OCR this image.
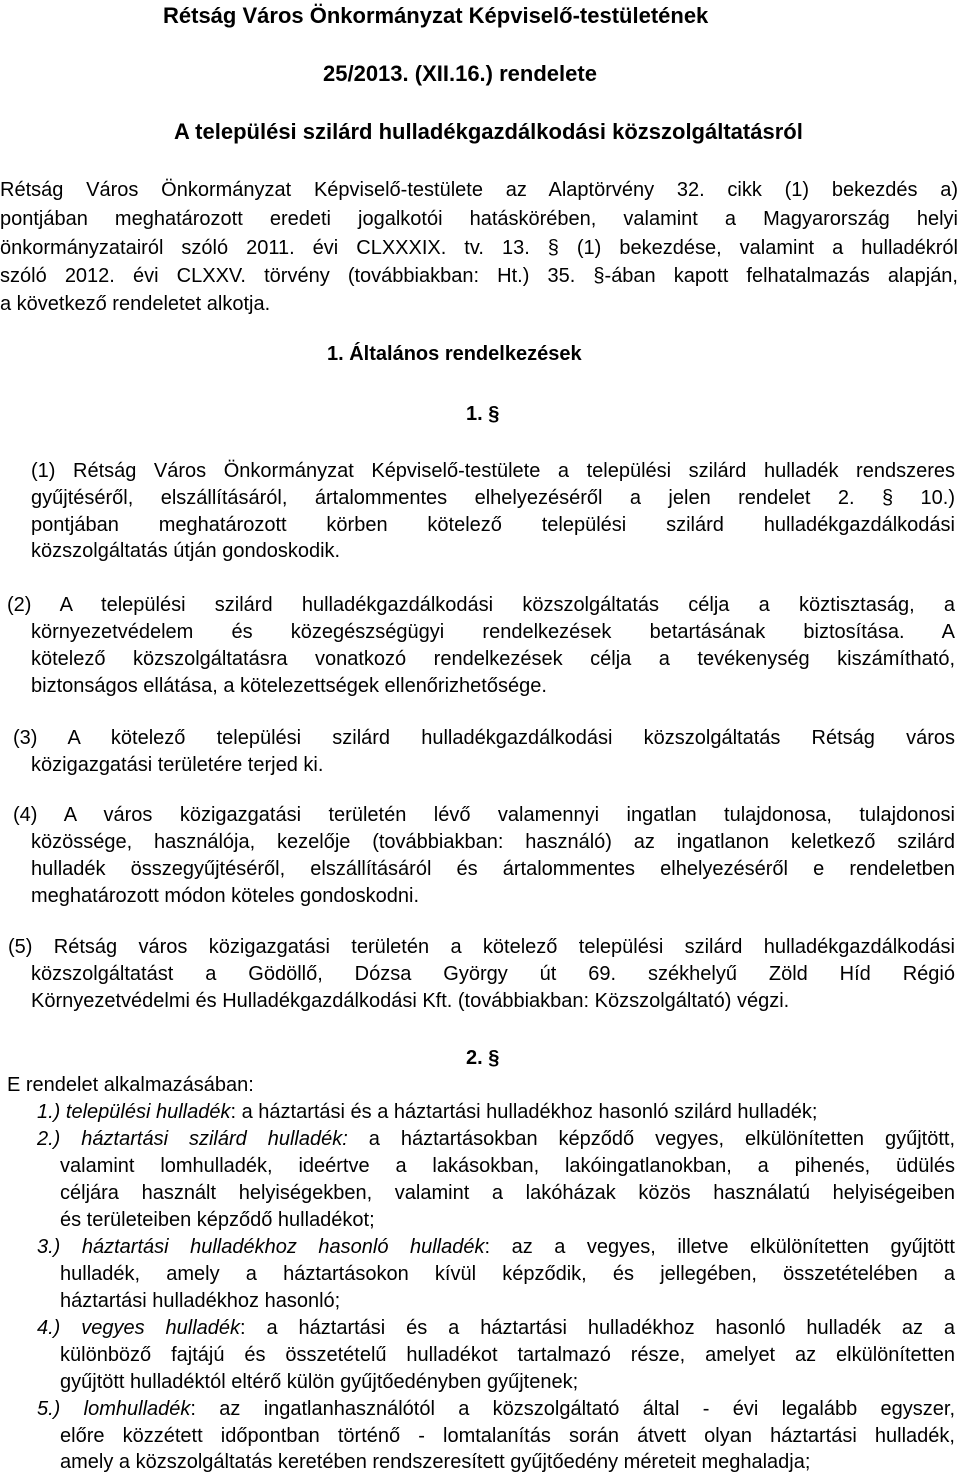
Rétság Város Önkormányzat Képviselő-testületének
25/2013. (XII.16.) rendelete
A települési szilárd hulladékgazdálkodási közszolgáltatásról
Rétság Város Önkormányzat Képviselő-testülete az Alaptörvény 32. cikk (1) bekezdés a)
pontjában meghatározott eredeti jogalkotói hatáskörében, valamint a Magyarország helyi
önkormányzatairól szóló 2011. évi CLXXXIX. tv. 13. § (1) bekezdése, valamint a hulladékról
szóló 2012. évi CLXXV. törvény (továbbiakban: Ht.) 35. §-ában kapott felhatalmazás alapján,
a következő rendeletet alkotja.
1. Általános rendelkezések
1. §
(1) Rétság Város Önkormányzat Képviselő-testülete a települési szilárd hulladék rendszeres
gyűjtéséről, elszállításáról, ártalommentes elhelyezéséről a jelen rendelet 2. § 10.)
pontjában meghatározott körben kötelező települési szilárd hulladékgazdálkodási
közszolgáltatás útján gondoskodik.
(2) A települési szilárd hulladékgazdálkodási közszolgáltatás célja a köztisztaság, a
környezetvédelem és közegészségügyi rendelkezések betartásának biztosítása. A
kötelező közszolgáltatásra vonatkozó rendelkezések célja a tevékenység kiszámítható,
biztonságos ellátása, a kötelezettségek ellenőrizhetősége.
(3) A kötelező települési szilárd hulladékgazdálkodási közszolgáltatás Rétság város
közigazgatási területére terjed ki.
(4) A város közigazgatási területén lévő valamennyi ingatlan tulajdonosa, tulajdonosi
közössége, használója, kezelője (továbbiakban: használó) az ingatlanon keletkező szilárd
hulladék összegyűjtéséről, elszállításáról és ártalommentes elhelyezéséről e rendeletben
meghatározott módon köteles gondoskodni.
(5) Rétság város közigazgatási területén a kötelező települési szilárd hulladékgazdálkodási
közszolgáltatást a Gödöllő, Dózsa György út 69. székhelyű Zöld Híd Régió
Környezetvédelmi és Hulladékgazdálkodási Kft. (továbbiakban: Közszolgáltató) végzi.
2. §
E rendelet alkalmazásában:
1.) települési hulladék: a háztartási és a háztartási hulladékhoz hasonló szilárd hulladék;
2.) háztartási szilárd hulladék: a háztartásokban képződő vegyes, elkülönítetten gyűjtött,
valamint lomhulladék, ideértve a lakásokban, lakóingatlanokban, a pihenés, üdülés
céljára használt helyiségekben, valamint a lakóházak közös használatú helyiségeiben
és területeiben képződő hulladékot;
3.) háztartási hulladékhoz hasonló hulladék: az a vegyes, illetve elkülönítetten gyűjtött
hulladék, amely a háztartásokon kívül képződik, és jellegében, összetételében a
háztartási hulladékhoz hasonló;
4.) vegyes hulladék: a háztartási és a háztartási hulladékhoz hasonló hulladék az a
különböző fajtájú és összetételű hulladékot tartalmazó része, amelyet az elkülönítetten
gyűjtött hulladéktól eltérő külön gyűjtőedényben gyűjtenek;
5.) lomhulladék: az ingatlanhasználótól a közszolgáltató által - évi legalább egyszer,
előre közzétett időpontban történő - lomtalanítás során átvett olyan háztartási hulladék,
amely a közszolgáltatás keretében rendszeresített gyűjtőedény méreteit meghaladja;
